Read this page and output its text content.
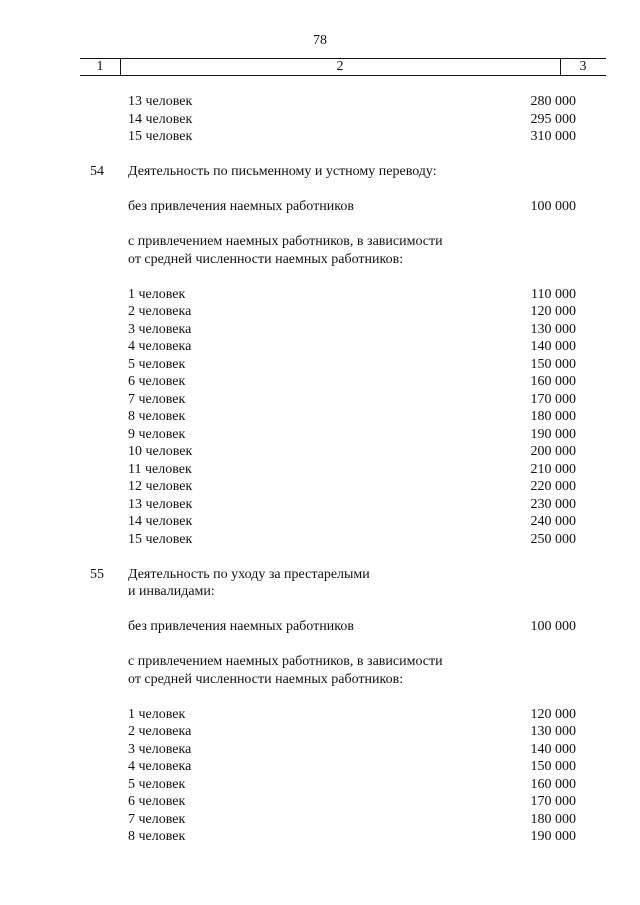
78
1	2	3
13 человек	280 000
14 человек	295 000
15 человек	310 000
54 Деятельность по письменному и устному переводу:
без привлечения наемных работников	100 000
с привлечением наемных работников, в зависимости
от средней численности наемных работников:
1 человек	110 000
2 человека	120 000
3 человека	130 000
4 человека	140 000
5 человек	150 000
6 человек	160 000
7 человек	170 000
8 человек	180 000
9 человек	190 000
10 человек	200 000
11 человек	210 000
12 человек	220 000
13 человек	230 000
14 человек	240 000
15 человек	250 000
55 Деятельность по уходу за престарелыми
и инвалидами:
без привлечения наемных работников	100 000
с привлечением наемных работников, в зависимости
от средней численности наемных работников:
1 человек	120 000
2 человека	130 000
3 человека	140 000
4 человека	150 000
5 человек	160 000
6 человек	170 000
7 человек	180 000
8 человек	190 000
